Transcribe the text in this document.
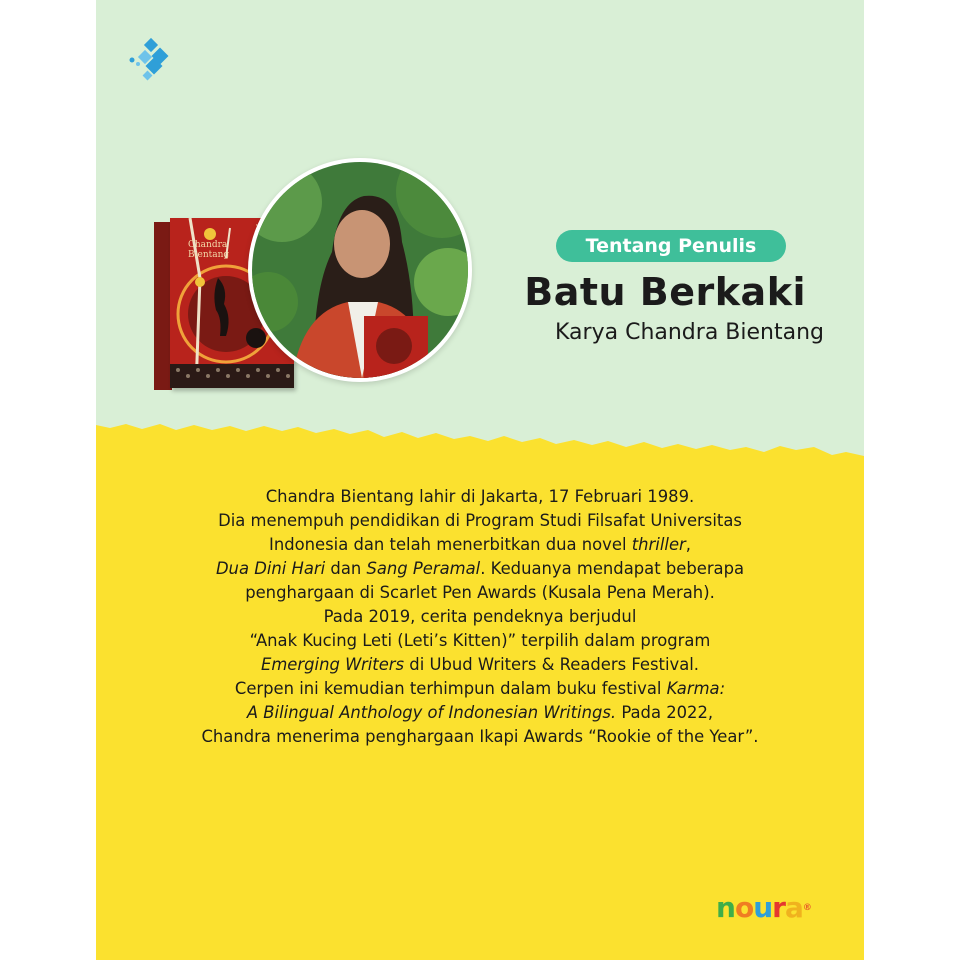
Chandra
Bientang	Tentang Penulis
Batu Berkaki
Karya Chandra Bientang

Chandra Bientang lahir di Jakarta, 17 Februari 1989.

Dia menempuh pendidikan di Program Studi Filsafat Universitas

Indonesia dan telah menerbitkan dua novel thriller,

Dua Dini Hari dan Sang Peramal. Keduanya mendapat beberapa

penghargaan di Scarlet Pen Awards (Kusala Pena Merah).

Pada 2019, cerita pendeknya berjudul

“Anak Kucing Leti (Leti’s Kitten)” terpilih dalam program

Emerging Writers di Ubud Writers & Readers Festival.

Cerpen ini kemudian terhimpun dalam buku festival Karma:

A Bilingual Anthology of Indonesian Writings. Pada 2022,

Chandra menerima penghargaan Ikapi Awards “Rookie of the Year”.

noura®
